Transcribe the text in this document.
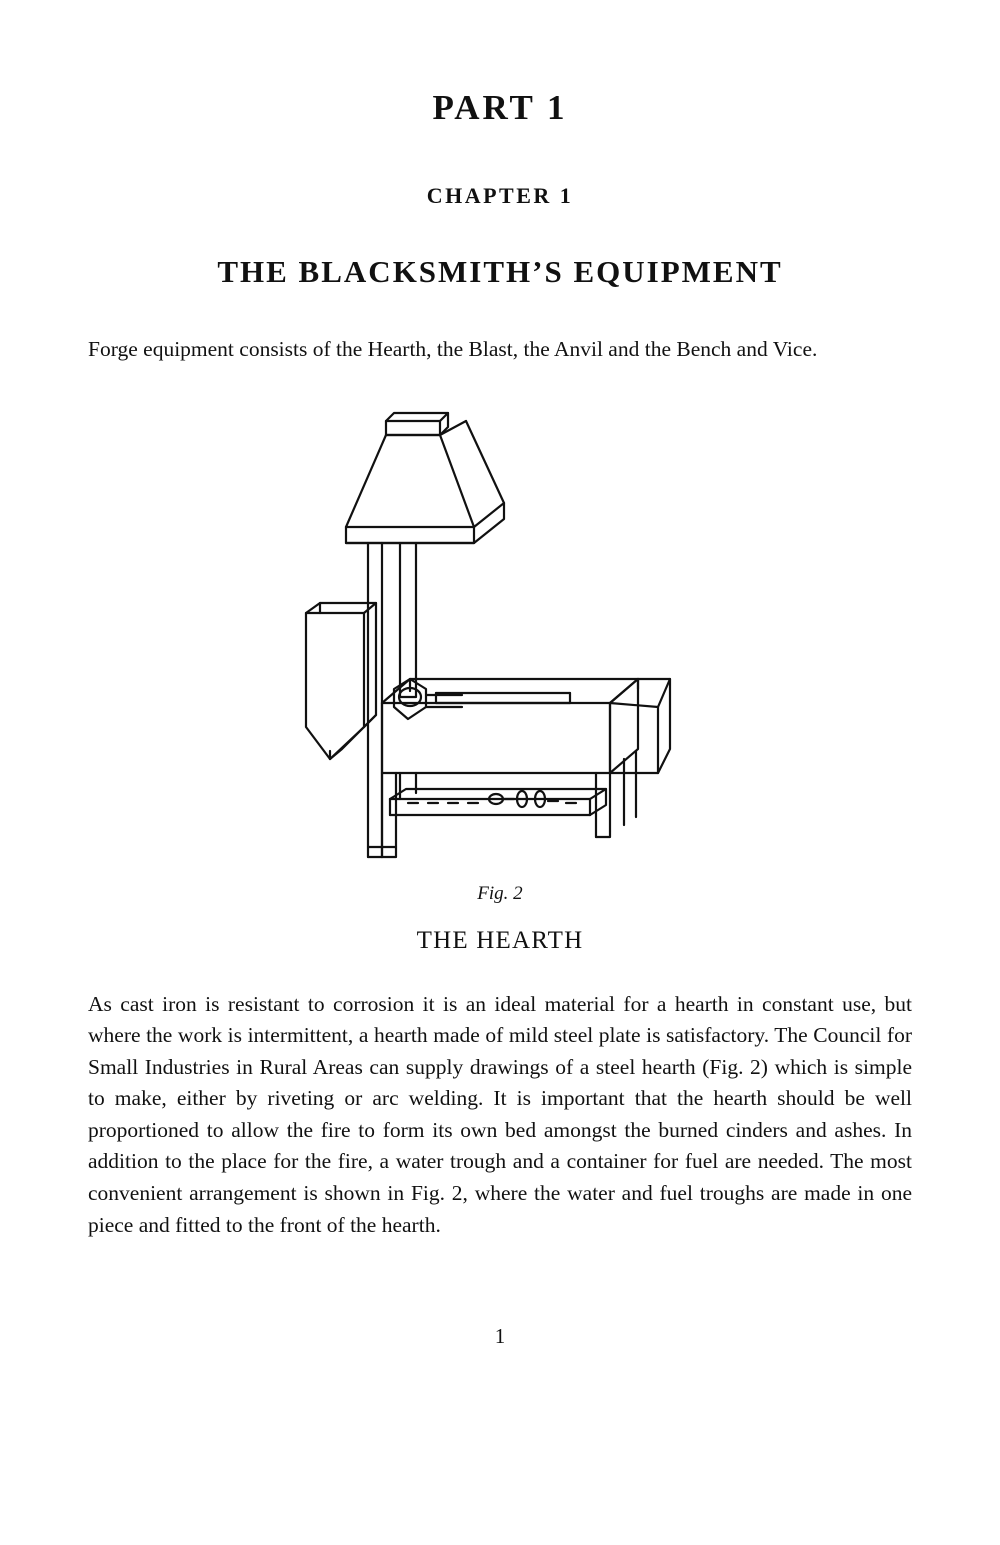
PART 1
CHAPTER 1
THE BLACKSMITH’S EQUIPMENT

Forge equipment consists of the Hearth, the Blast, the Anvil and the Bench and Vice.

Fig. 2
THE HEARTH

As cast iron is resistant to corrosion it is an ideal material for a hearth in constant use, but where the work is intermittent, a hearth made of mild steel plate is satisfactory. The Council for Small Industries in Rural Areas can supply drawings of a steel hearth (Fig. 2) which is simple to make, either by riveting or arc welding. It is important that the hearth should be well proportioned to allow the fire to form its own bed amongst the burned cinders and ashes. In addition to the place for the fire, a water trough and a container for fuel are needed. The most convenient arrangement is shown in Fig. 2, where the water and fuel troughs are made in one piece and fitted to the front of the hearth.

1
